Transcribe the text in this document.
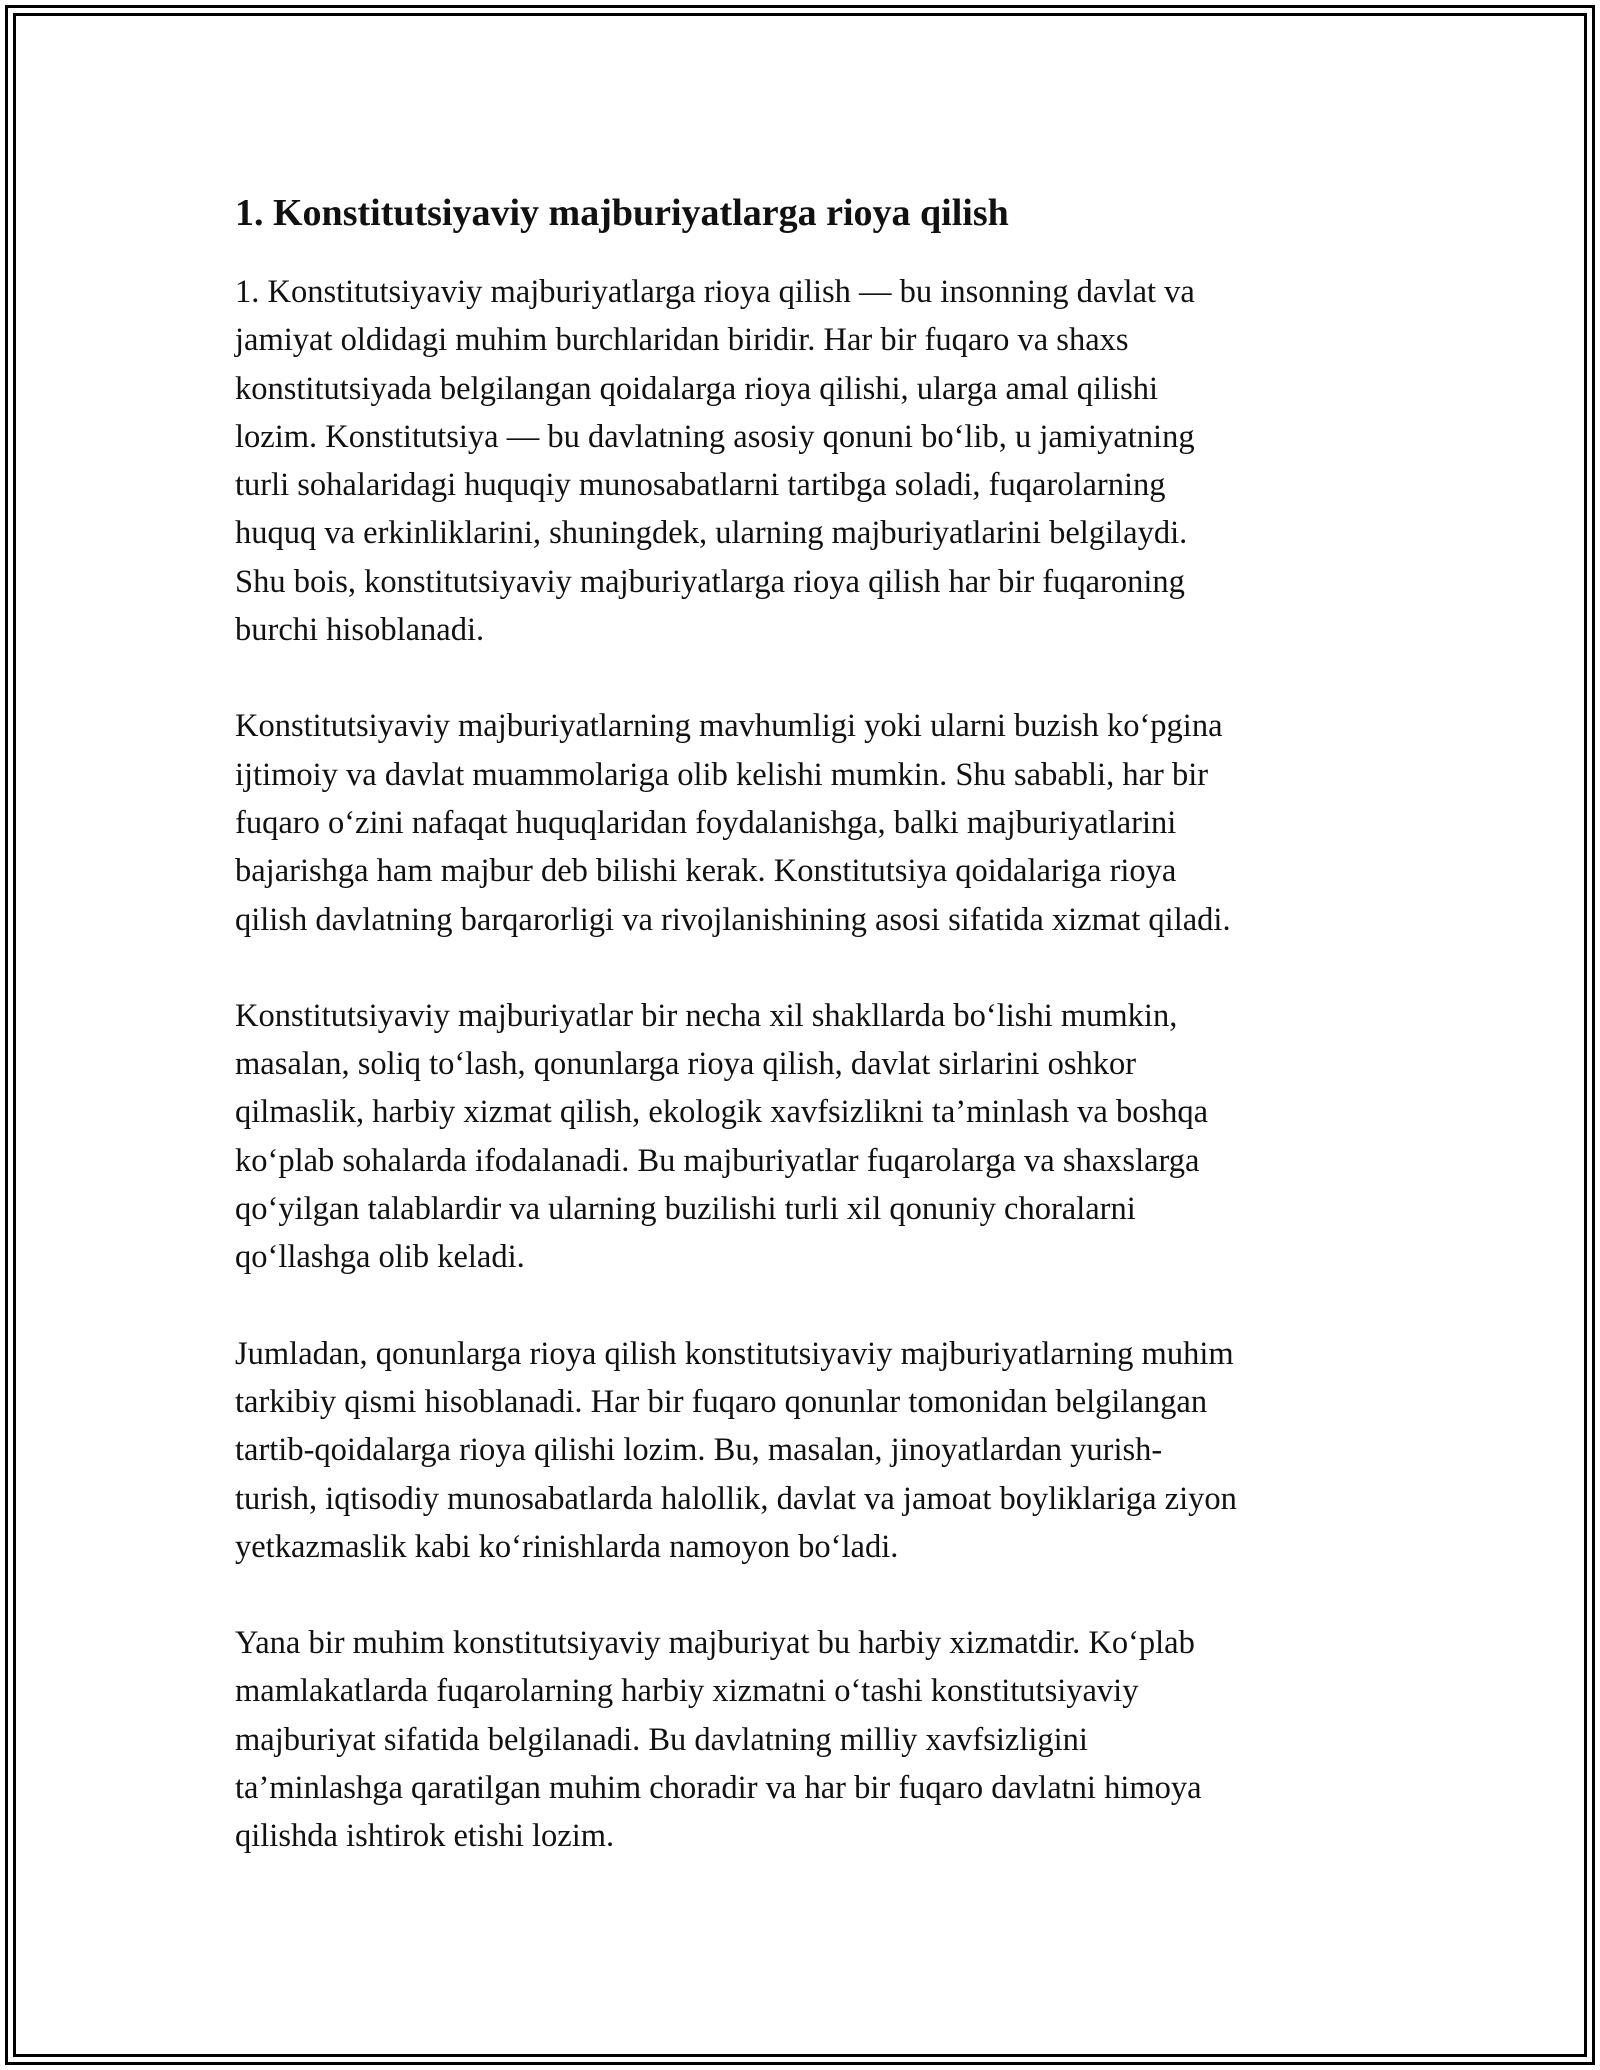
1. Konstitutsiyaviy majburiyatlarga rioya qilish

1. Konstitutsiyaviy majburiyatlarga rioya qilish — bu insonning davlat va
jamiyat oldidagi muhim burchlaridan biridir. Har bir fuqaro va shaxs
konstitutsiyada belgilangan qoidalarga rioya qilishi, ularga amal qilishi
lozim. Konstitutsiya — bu davlatning asosiy qonuni bo‘lib, u jamiyatning
turli sohalaridagi huquqiy munosabatlarni tartibga soladi, fuqarolarning
huquq va erkinliklarini, shuningdek, ularning majburiyatlarini belgilaydi.
Shu bois, konstitutsiyaviy majburiyatlarga rioya qilish har bir fuqaroning
burchi hisoblanadi.

Konstitutsiyaviy majburiyatlarning mavhumligi yoki ularni buzish ko‘pgina
ijtimoiy va davlat muammolariga olib kelishi mumkin. Shu sababli, har bir
fuqaro o‘zini nafaqat huquqlaridan foydalanishga, balki majburiyatlarini
bajarishga ham majbur deb bilishi kerak. Konstitutsiya qoidalariga rioya
qilish davlatning barqarorligi va rivojlanishining asosi sifatida xizmat qiladi.

Konstitutsiyaviy majburiyatlar bir necha xil shakllarda bo‘lishi mumkin,
masalan, soliq to‘lash, qonunlarga rioya qilish, davlat sirlarini oshkor
qilmaslik, harbiy xizmat qilish, ekologik xavfsizlikni ta’minlash va boshqa
ko‘plab sohalarda ifodalanadi. Bu majburiyatlar fuqarolarga va shaxslarga
qo‘yilgan talablardir va ularning buzilishi turli xil qonuniy choralarni
qo‘llashga olib keladi.

Jumladan, qonunlarga rioya qilish konstitutsiyaviy majburiyatlarning muhim
tarkibiy qismi hisoblanadi. Har bir fuqaro qonunlar tomonidan belgilangan
tartib-qoidalarga rioya qilishi lozim. Bu, masalan, jinoyatlardan yurish-
turish, iqtisodiy munosabatlarda halollik, davlat va jamoat boyliklariga ziyon
yetkazmaslik kabi ko‘rinishlarda namoyon bo‘ladi.

Yana bir muhim konstitutsiyaviy majburiyat bu harbiy xizmatdir. Ko‘plab
mamlakatlarda fuqarolarning harbiy xizmatni o‘tashi konstitutsiyaviy
majburiyat sifatida belgilanadi. Bu davlatning milliy xavfsizligini
ta’minlashga qaratilgan muhim choradir va har bir fuqaro davlatni himoya
qilishda ishtirok etishi lozim.
